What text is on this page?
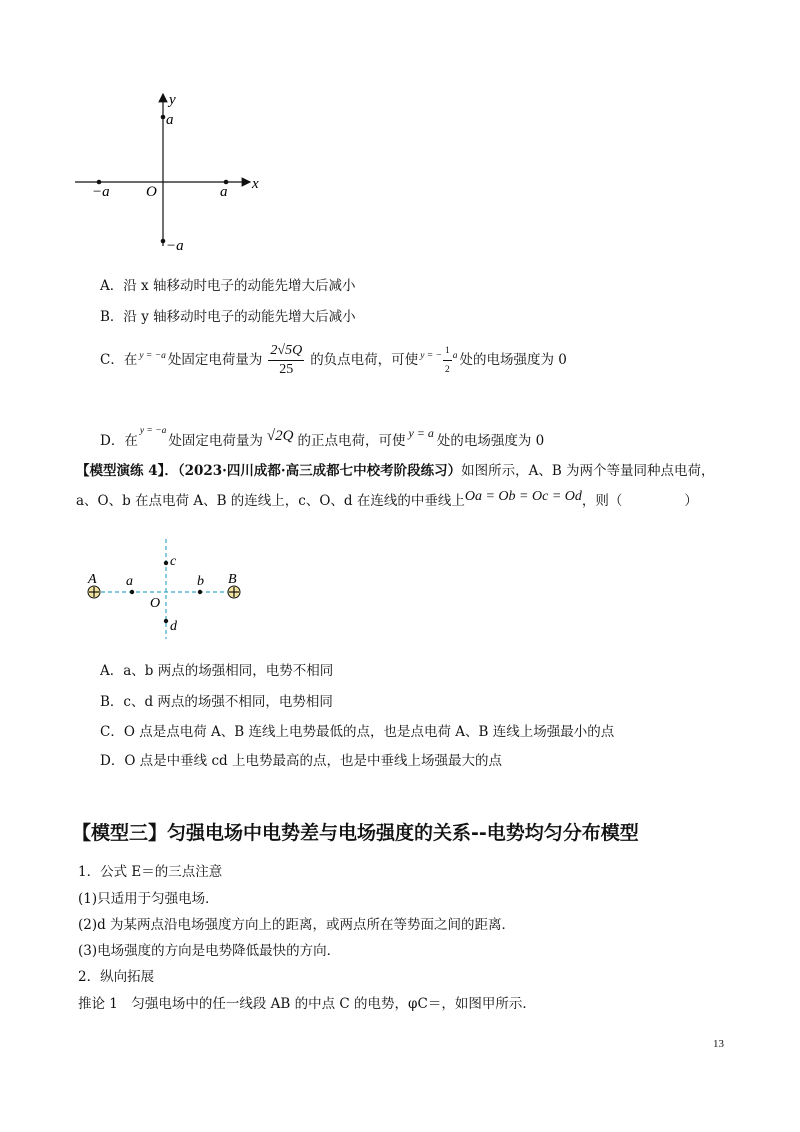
x
y
O
a
a
−a
−a
A．沿 x 轴移动时电子的动能先增大后减小
B．沿 y 轴移动时电子的动能先增大后减小
C．在 y = −a 处固定电荷量为 $\frac{2√5Q}{25}$ 的负点电荷，可使 y = − $\frac{1}{2}$ a 处的电场强度为 0
D．在
y = −a
处固定电荷量为 √2Q 的正点电荷，可使 y = a 处的电场强度为 0
【模型演练 4】．（2023·四川成都·高三成都七中校考阶段练习）如图所示，A、B 为两个等量同种点电荷，
a、O、b 在点电荷 A、B 的连线上，c、O、d 在连线的中垂线上 Oa = Ob = Oc = Od ，则（	）
A	B
a	b
c
d
O
A．a、b 两点的场强相同，电势不相同
B．c、d 两点的场强不相同，电势相同
C．O 点是点电荷 A、B 连线上电势最低的点，也是点电荷 A、B 连线上场强最小的点
D．O 点是中垂线 cd 上电势最高的点，也是中垂线上场强最大的点
【模型三】匀强电场中电势差与电场强度的关系--电势均匀分布模型
1．公式 E＝的三点注意
(1)只适用于匀强电场．
(2)d 为某两点沿电场强度方向上的距离，或两点所在等势面之间的距离．
(3)电场强度的方向是电势降低最快的方向．
2．纵向拓展
推论 1　匀强电场中的任一线段 AB 的中点 C 的电势，φC＝，如图甲所示．
13
